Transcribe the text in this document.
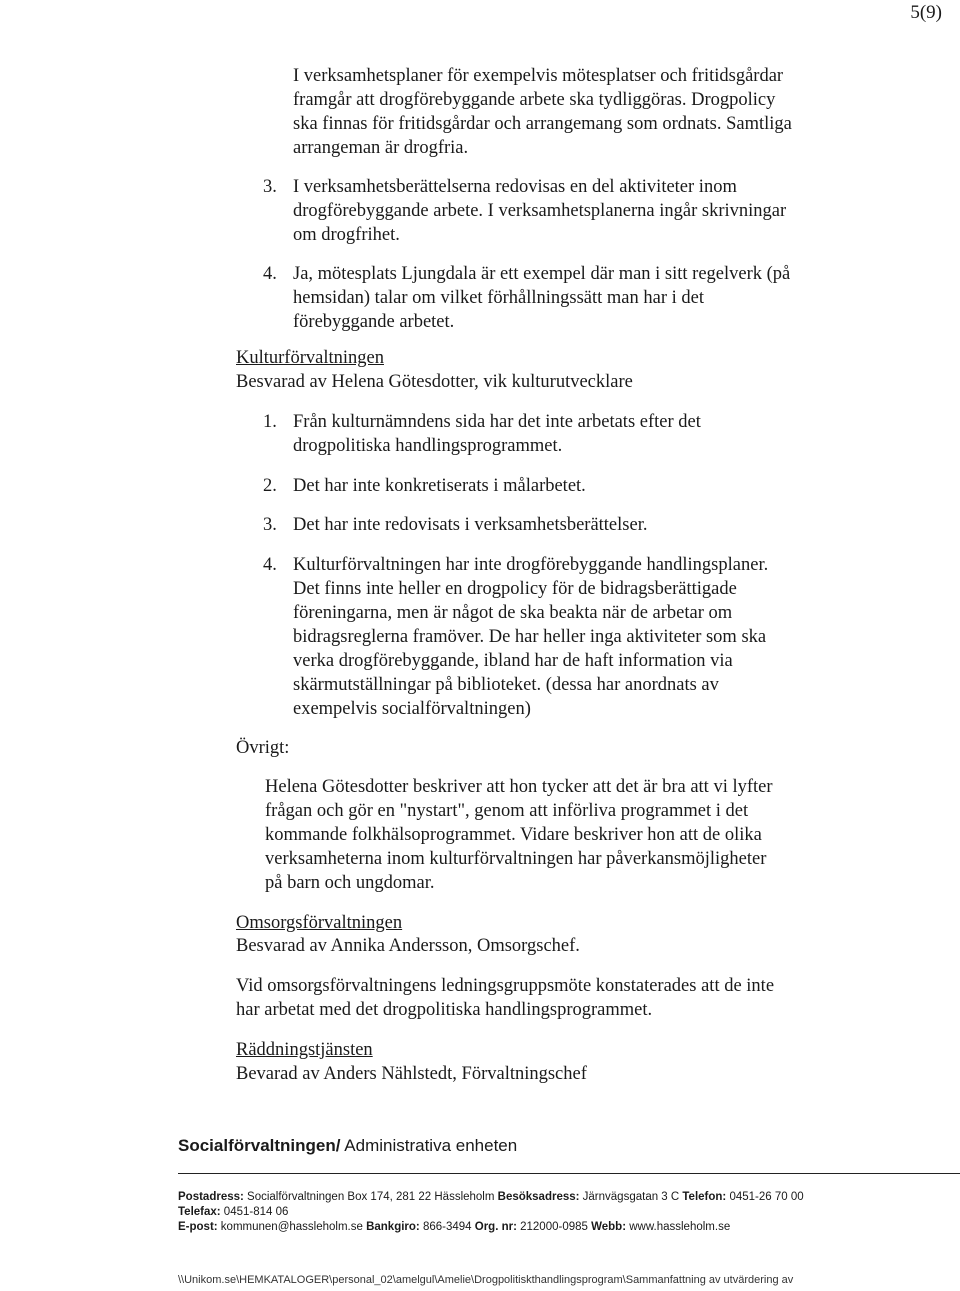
5(9)
I verksamhetsplaner för exempelvis mötesplatser och fritidsgårdar
framgår att drogförebyggande arbete ska tydliggöras. Drogpolicy
ska finnas för fritidsgårdar och arrangemang som ordnats. Samtliga
arrangeman är drogfria.
3. I verksamhetsberättelserna redovisas en del aktiviteter inom
drogförebyggande arbete. I verksamhetsplanerna ingår skrivningar
om drogfrihet.
4. Ja, mötesplats Ljungdala är ett exempel där man i sitt regelverk (på
hemsidan) talar om vilket förhållningssätt man har i det
förebyggande arbetet.
Kulturförvaltningen
Besvarad av Helena Götesdotter, vik kulturutvecklare
1. Från kulturnämndens sida har det inte arbetats efter det
drogpolitiska handlingsprogrammet.
2. Det har inte konkretiserats i målarbetet.
3. Det har inte redovisats i verksamhetsberättelser.
4. Kulturförvaltningen har inte drogförebyggande handlingsplaner.
Det finns inte heller en drogpolicy för de bidragsberättigade
föreningarna, men är något de ska beakta när de arbetar om
bidragsreglerna framöver. De har heller inga aktiviteter som ska
verka drogförebyggande, ibland har de haft information via
skärmutställningar på biblioteket. (dessa har anordnats av
exempelvis socialförvaltningen)
Övrigt:
Helena Götesdotter beskriver att hon tycker att det är bra att vi lyfter
frågan och gör en "nystart", genom att införliva programmet i det
kommande folkhälsoprogrammet. Vidare beskriver hon att de olika
verksamheterna inom kulturförvaltningen har påverkansmöjligheter
på barn och ungdomar.
Omsorgsförvaltningen
Besvarad av Annika Andersson, Omsorgschef.
Vid omsorgsförvaltningens ledningsgruppsmöte konstaterades att de inte
har arbetat med det drogpolitiska handlingsprogrammet.
Räddningstjänsten
Bevarad av Anders Nählstedt, Förvaltningschef
Socialförvaltningen/ Administrativa enheten
Postadress: Socialförvaltningen Box 174, 281 22 Hässleholm Besöksadress: Järnvägsgatan 3 C Telefon: 0451-26 70 00
Telefax: 0451-814 06
E-post: kommunen@hassleholm.se Bankgiro: 866-3494 Org. nr: 212000-0985 Webb: www.hassleholm.se
\\Unikom.se\HEMKATALOGER\personal_02\amelgul\Amelie\Drogpolitiskthandlingsprogram\Sammanfattning av utvärdering av
